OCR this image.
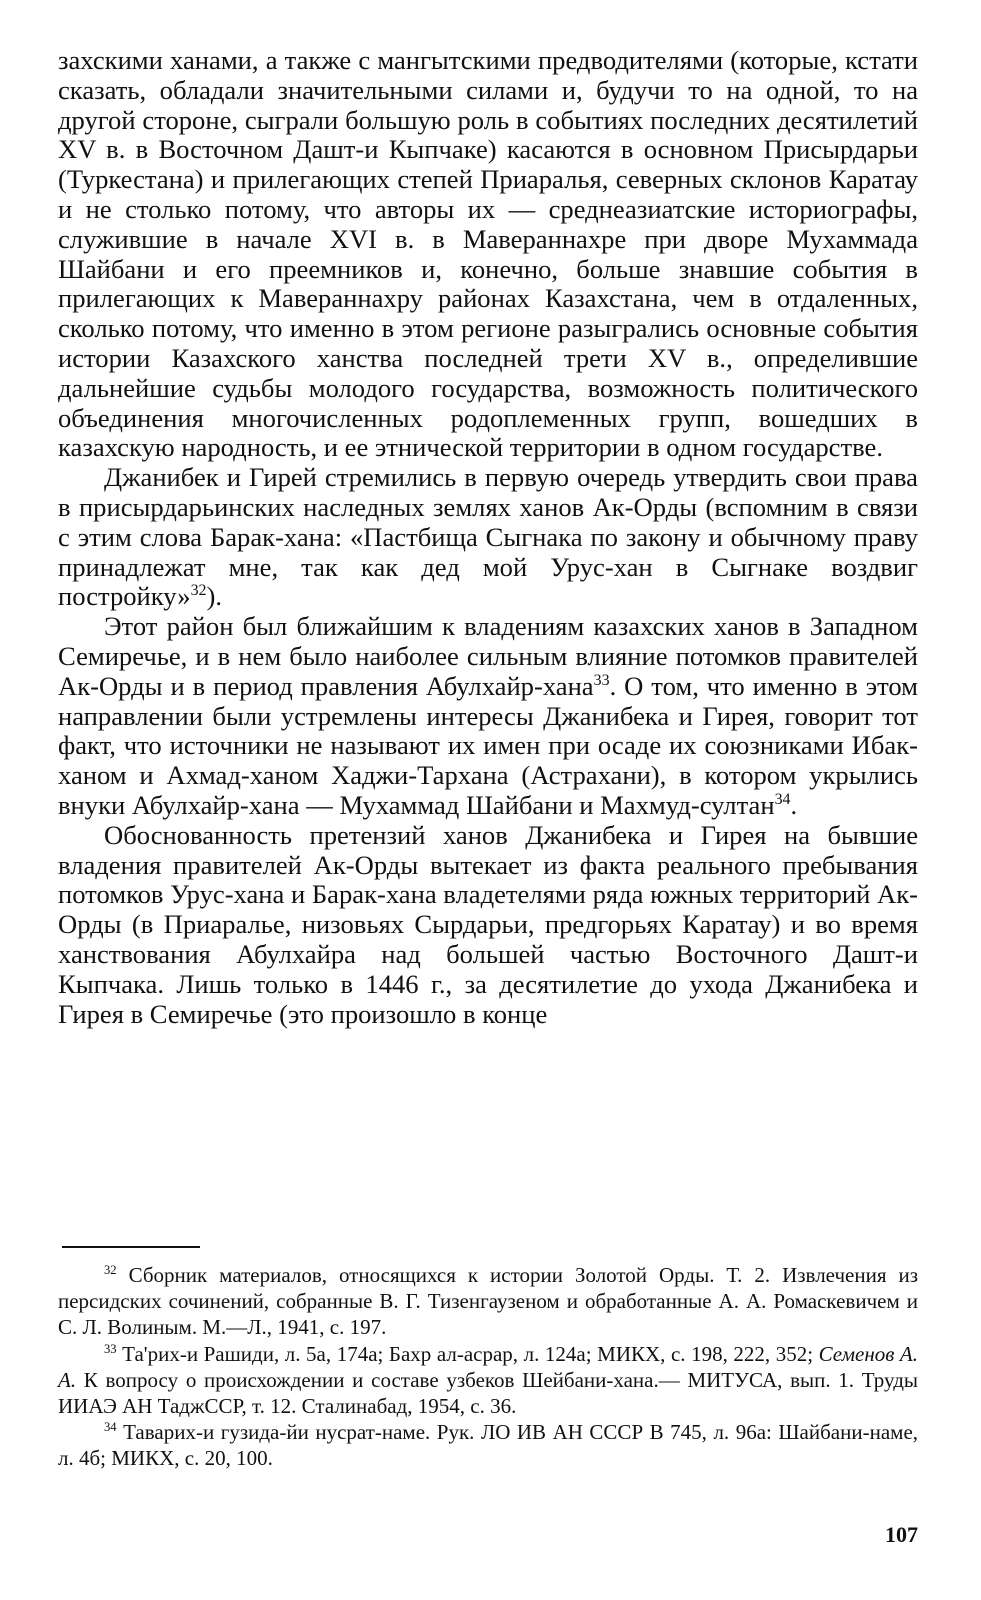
захскими ханами, а также с мангытскими предводителями (которые, кстати сказать, обладали значительными силами и, будучи то на одной, то на другой стороне, сыграли большую роль в событиях последних десятилетий XV в. в Восточном Дашт-и Кыпчаке) касаются в основном Присырдарьи (Туркестана) и прилегающих степей Приаралья, северных склонов Каратау и не столько потому, что авторы их — среднеазиатские историографы, служившие в начале XVI в. в Мавераннахре при дворе Мухаммада Шайбани и его преемников и, конечно, больше знавшие события в прилегающих к Мавераннахру районах Казахстана, чем в отдаленных, сколько потому, что именно в этом регионе разыгрались основные события истории Казахского ханства последней трети XV в., определившие дальнейшие судьбы молодого государства, возможность политического объединения многочисленных родоплеменных групп, вошедших в казахскую народность, и ее этнической территории в одном государстве.

Джанибек и Гирей стремились в первую очередь утвердить свои права в присырдарьинских наследных землях ханов Ак-Орды (вспомним в связи с этим слова Барак-хана: «Пастбища Сыгнака по закону и обычному праву принадлежат мне, так как дед мой Урус-хан в Сыгнаке воздвиг постройку»$^{32}$).

Этот район был ближайшим к владениям казахских ханов в Западном Семиречье, и в нем было наиболее сильным влияние потомков правителей Ак-Орды и в период правления Абулхайр-хана$^{33}$. О том, что именно в этом направлении были устремлены интересы Джанибека и Гирея, говорит тот факт, что источники не называют их имен при осаде их союзниками Ибак-ханом и Ахмад-ханом Хаджи-Тархана (Астрахани), в котором укрылись внуки Абулхайр-хана — Мухаммад Шайбани и Махмуд-султан$^{34}$.

Обоснованность претензий ханов Джанибека и Гирея на бывшие владения правителей Ак-Орды вытекает из факта реального пребывания потомков Урус-хана и Барак-хана владетелями ряда южных территорий Ак-Орды (в Приаралье, низовьях Сырдарьи, предгорьях Каратау) и во время ханствования Абулхайра над большей частью Восточного Дашт-и Кыпчака. Лишь только в 1446 г., за десятилетие до ухода Джанибека и Гирея в Семиречье (это произошло в конце

$^{32}$ Сборник материалов, относящихся к истории Золотой Орды. Т. 2. Извлечения из персидских сочинений, собранные В. Г. Тизенгаузеном и обработанные А. А. Ромаскевичем и С. Л. Волиным. М.—Л., 1941, с. 197.

$^{33}$ Та'рих-и Рашиди, л. 5а, 174а; Бахр ал-асрар, л. 124а; МИКХ, с. 198, 222, 352; Семенов А. А. К вопросу о происхождении и составе узбеков Шейбани-хана.— МИТУСА, вып. 1. Труды ИИАЭ АН ТаджССР, т. 12. Сталинабад, 1954, с. 36.

$^{34}$ Таварих-и гузида-йи нусрат-наме. Рук. ЛО ИВ АН СССР В 745, л. 96а: Шайбани-наме, л. 4б; МИКХ, с. 20, 100.

107
